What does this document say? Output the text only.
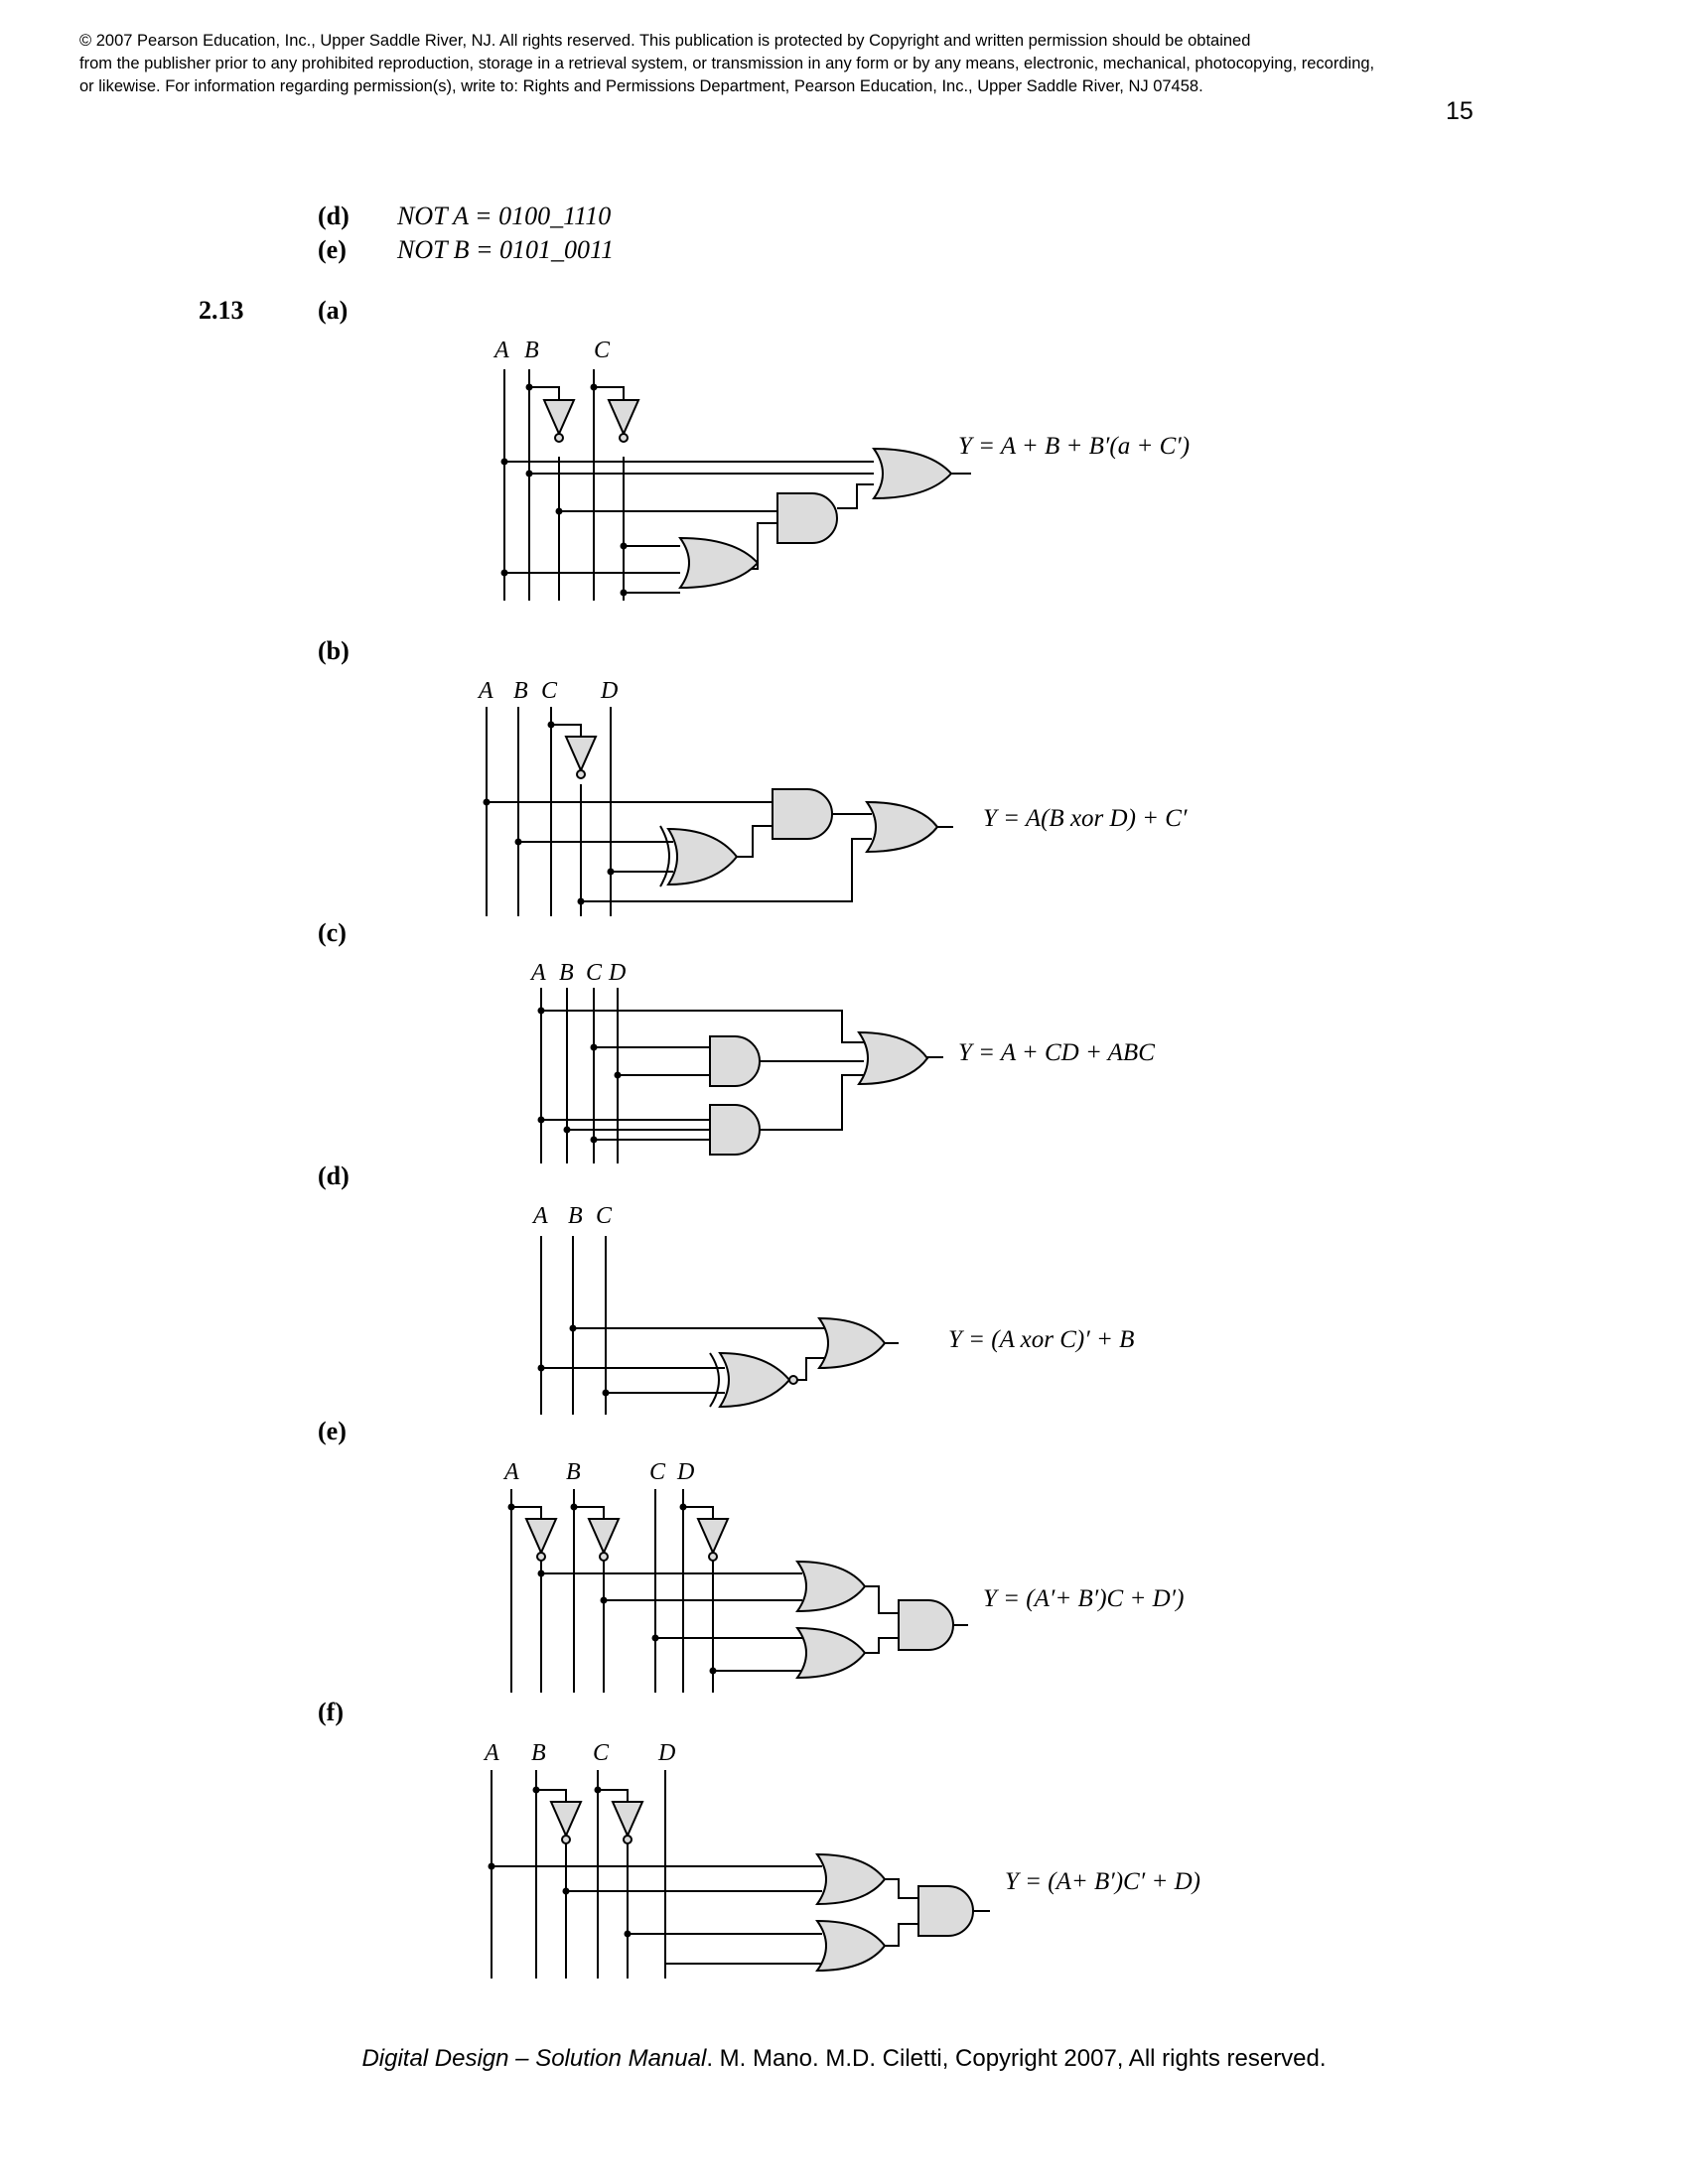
© 2007 Pearson Education, Inc., Upper Saddle River, NJ. All rights reserved. This publication is protected by Copyright and written permission should be obtained
from the publisher prior to any prohibited reproduction, storage in a retrieval system, or transmission in any form or by any means, electronic, mechanical, photocopying, recording,
or likewise. For information regarding permission(s), write to: Rights and Permissions Department, Pearson Education, Inc., Upper Saddle River, NJ 07458.
15
(d) NOT A = 0100_1110
(e) NOT B = 0101_0011
2.13	(a)
(b)
(c)
(d)
(e)
(f)
A B C
Y = A + B + B′(a + C′)
A B C D
Y = A(B xor D) + C′
A B C D
Y = A + CD + ABC
A B C
Y = (A xor C)′ + B
A B	C D
Y = (A′+ B′)C + D′)
A B C D
Y = (A+ B′)C′ + D)
Digital Design – Solution Manual. M. Mano. M.D. Ciletti, Copyright 2007, All rights reserved.
